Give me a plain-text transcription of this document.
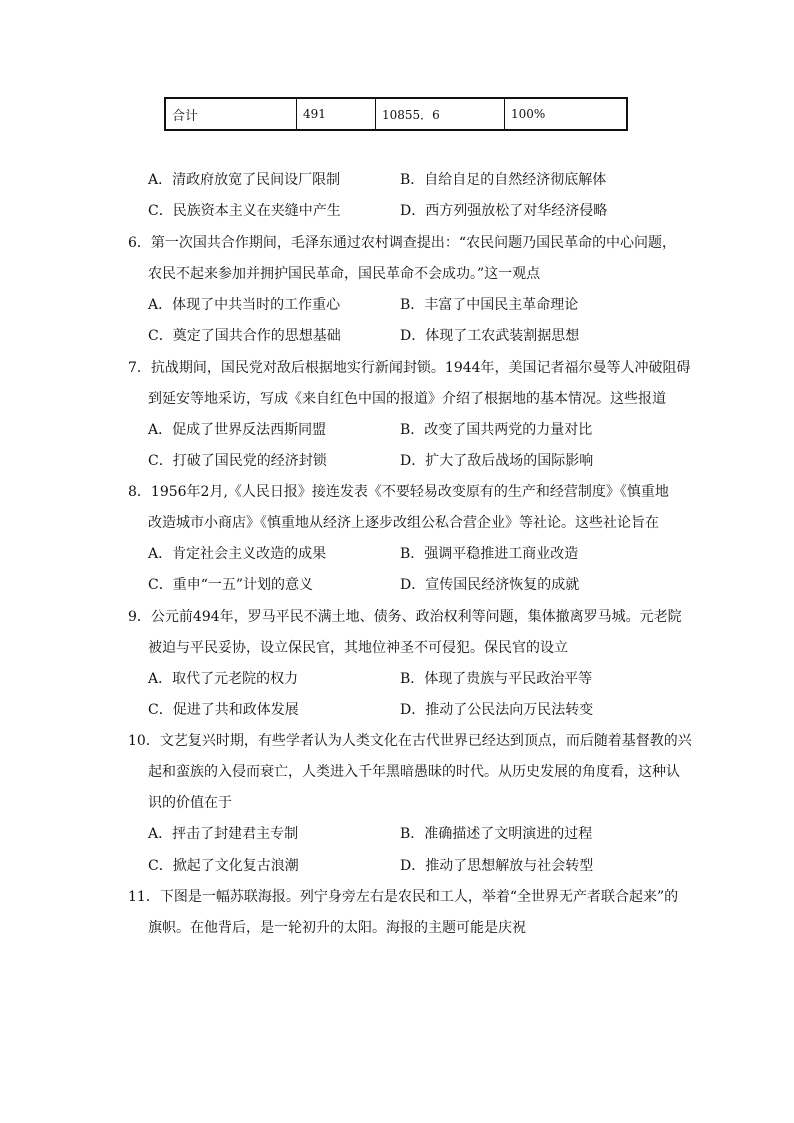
合计	491	10855．6	100%
A．清政府放宽了民间设厂限制	B．自给自足的自然经济彻底解体
C．民族资本主义在夹缝中产生	D．西方列强放松了对华经济侵略
6．第一次国共合作期间，毛泽东通过农村调查提出：“农民问题乃国民革命的中心问题，
农民不起来参加并拥护国民革命，国民革命不会成功。”这一观点
A．体现了中共当时的工作重心	B．丰富了中国民主革命理论
C．奠定了国共合作的思想基础	D．体现了工农武装割据思想
7．抗战期间，国民党对敌后根据地实行新闻封锁。1944年，美国记者福尔曼等人冲破阻碍
到延安等地采访，写成《来自红色中国的报道》介绍了根据地的基本情况。这些报道
A．促成了世界反法西斯同盟	B．改变了国共两党的力量对比
C．打破了国民党的经济封锁	D．扩大了敌后战场的国际影响
8．1956年2月,《人民日报》接连发表《不要轻易改变原有的生产和经营制度》《慎重地
改造城市小商店》《慎重地从经济上逐步改组公私合营企业》等社论。这些社论旨在
A．肯定社会主义改造的成果	B．强调平稳推进工商业改造
C．重申“一五”计划的意义	D．宣传国民经济恢复的成就
9．公元前494年，罗马平民不满土地、债务、政治权利等问题，集体撤离罗马城。元老院
被迫与平民妥协，设立保民官，其地位神圣不可侵犯。保民官的设立
A．取代了元老院的权力	B．体现了贵族与平民政治平等
C．促进了共和政体发展	D．推动了公民法向万民法转变
10．文艺复兴时期，有些学者认为人类文化在古代世界已经达到顶点，而后随着基督教的兴
起和蛮族的入侵而衰亡，人类进入千年黑暗愚昧的时代。从历史发展的角度看，这种认
识的价值在于
A．抨击了封建君主专制	B．准确描述了文明演进的过程
C．掀起了文化复古浪潮	D．推动了思想解放与社会转型
11．下图是一幅苏联海报。列宁身旁左右是农民和工人，举着“全世界无产者联合起来”的
旗帜。在他背后，是一轮初升的太阳。海报的主题可能是庆祝
